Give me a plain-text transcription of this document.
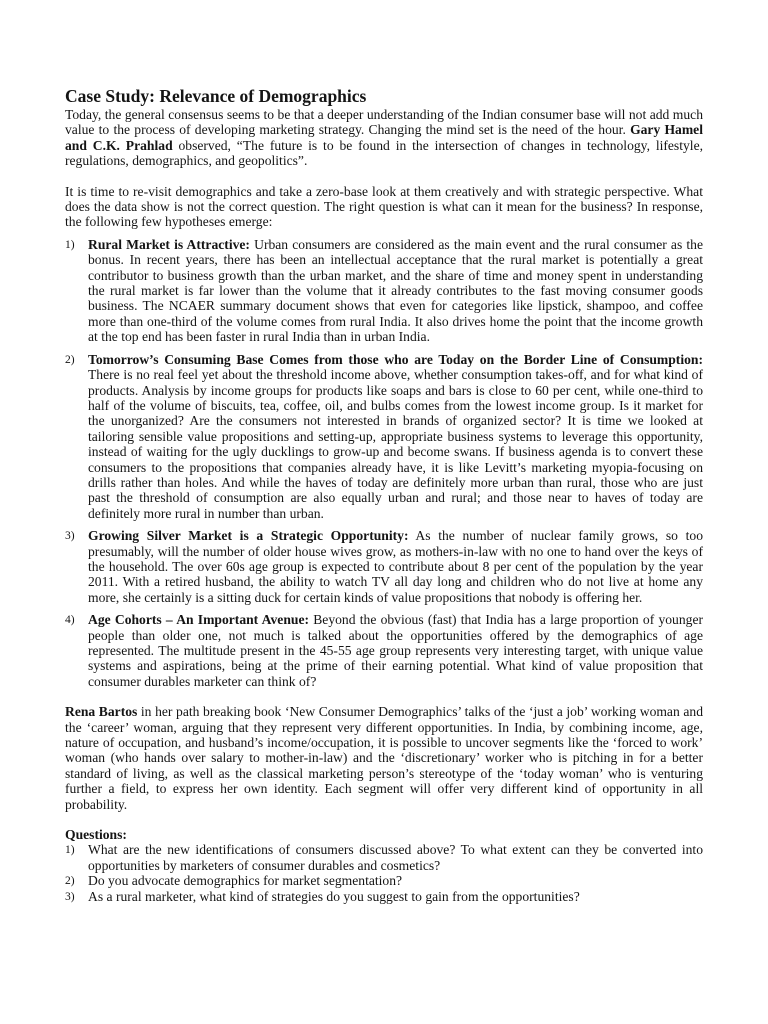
Case Study: Relevance of Demographics

Today, the general consensus seems to be that a deeper understanding of the Indian consumer base will not add much value to the process of developing marketing strategy. Changing the mind set is the need of the hour. Gary Hamel and C.K. Prahlad observed, “The future is to be found in the intersection of changes in technology, lifestyle, regulations, demographics, and geopolitics”.

It is time to re-visit demographics and take a zero-base look at them creatively and with strategic perspective. What does the data show is not the correct question. The right question is what can it mean for the business? In response, the following few hypotheses emerge:

1) Rural Market is Attractive: Urban consumers are considered as the main event and the rural consumer as the bonus. In recent years, there has been an intellectual acceptance that the rural market is potentially a great contributor to business growth than the urban market, and the share of time and money spent in understanding the rural market is far lower than the volume that it already contributes to the fast moving consumer goods business. The NCAER summary document shows that even for categories like lipstick, shampoo, and coffee more than one-third of the volume comes from rural India. It also drives home the point that the income growth at the top end has been faster in rural India than in urban India.
2) Tomorrow’s Consuming Base Comes from those who are Today on the Border Line of Consumption: There is no real feel yet about the threshold income above, whether consumption takes-off, and for what kind of products. Analysis by income groups for products like soaps and bars is close to 60 per cent, while one-third to half of the volume of biscuits, tea, coffee, oil, and bulbs comes from the lowest income group. Is it market for the unorganized? Are the consumers not interested in brands of organized sector? It is time we looked at tailoring sensible value propositions and setting-up, appropriate business systems to leverage this opportunity, instead of waiting for the ugly ducklings to grow-up and become swans. If business agenda is to convert these consumers to the propositions that companies already have, it is like Levitt’s marketing myopia-focusing on drills rather than holes. And while the haves of today are definitely more urban than rural, those who are just past the threshold of consumption are also equally urban and rural; and those near to haves of today are definitely more rural in number than urban.
3) Growing Silver Market is a Strategic Opportunity: As the number of nuclear family grows, so too presumably, will the number of older house wives grow, as mothers-in-law with no one to hand over the keys of the household. The over 60s age group is expected to contribute about 8 per cent of the population by the year 2011. With a retired husband, the ability to watch TV all day long and children who do not live at home any more, she certainly is a sitting duck for certain kinds of value propositions that nobody is offering her.
4) Age Cohorts – An Important Avenue: Beyond the obvious (fast) that India has a large proportion of younger people than older one, not much is talked about the opportunities offered by the demographics of age represented. The multitude present in the 45-55 age group represents very interesting target, with unique value systems and aspirations, being at the prime of their earning potential. What kind of value proposition that consumer durables marketer can think of?

Rena Bartos in her path breaking book ‘New Consumer Demographics’ talks of the ‘just a job’ working woman and the ‘career’ woman, arguing that they represent very different opportunities. In India, by combining income, age, nature of occupation, and husband’s income/occupation, it is possible to uncover segments like the ‘forced to work’ woman (who hands over salary to mother-in-law) and the ‘discretionary’ worker who is pitching in for a better standard of living, as well as the classical marketing person’s stereotype of the ‘today woman’ who is venturing further a field, to express her own identity. Each segment will offer very different kind of opportunity in all probability.

Questions:
1) What are the new identifications of consumers discussed above? To what extent can they be converted into opportunities by marketers of consumer durables and cosmetics?
2) Do you advocate demographics for market segmentation?
3) As a rural marketer, what kind of strategies do you suggest to gain from the opportunities?
